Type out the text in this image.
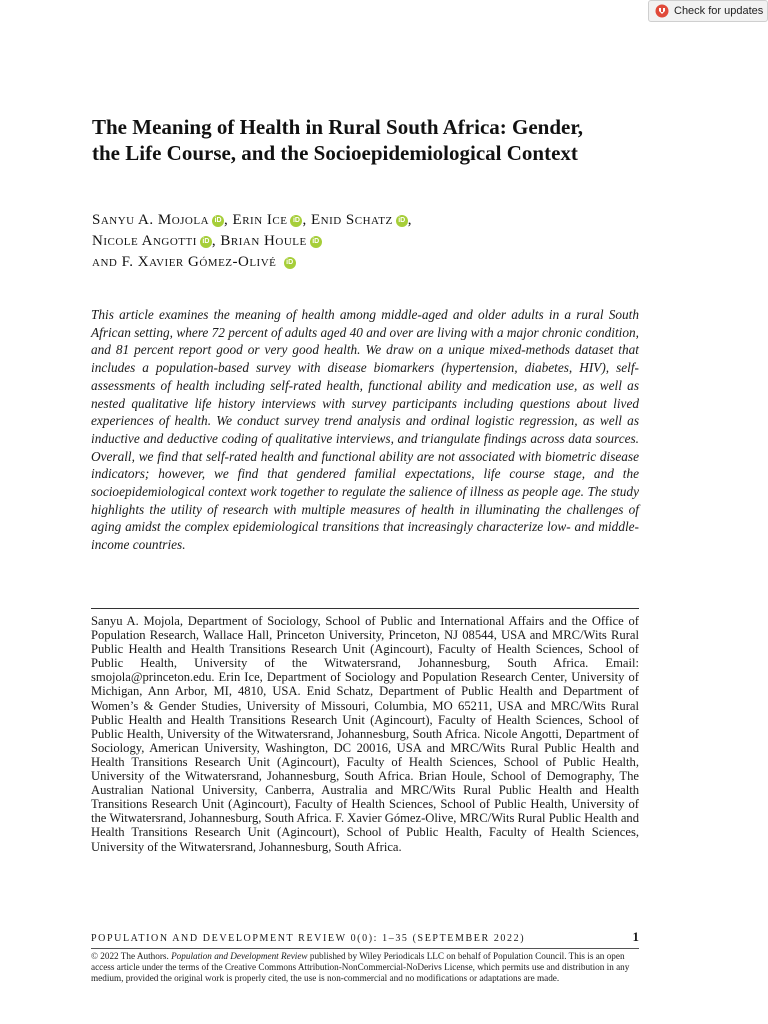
Check for updates
The Meaning of Health in Rural South Africa: Gender, the Life Course, and the Socioepidemiological Context
Sanyu A. Mojola iD , Erin Ice iD , Enid Schatz iD ,
Nicole Angotti iD , Brian Houle iD
and F. Xavier Gómez-Olivé iD

This article examines the meaning of health among middle-aged and older adults in a rural South African setting, where 72 percent of adults aged 40 and over are living with a major chronic condition, and 81 percent report good or very good health. We draw on a unique mixed-methods dataset that includes a population-based survey with disease biomarkers (hypertension, diabetes, HIV), self-assessments of health including self-rated health, functional ability and medication use, as well as nested qualitative life history interviews with survey participants including questions about lived experiences of health. We conduct survey trend analysis and ordinal logistic regression, as well as inductive and deductive coding of qualitative interviews, and triangulate findings across data sources. Overall, we find that self-rated health and functional ability are not associated with biometric disease indicators; however, we find that gendered familial expectations, life course stage, and the socioepidemiological context work together to regulate the salience of illness as people age. The study highlights the utility of research with multiple measures of health in illuminating the challenges of aging amidst the complex epidemiological transitions that increasingly characterize low- and middle-income countries.

Sanyu A. Mojola, Department of Sociology, School of Public and International Affairs and the Office of Population Research, Wallace Hall, Princeton University, Princeton, NJ 08544, USA and MRC/Wits Rural Public Health and Health Transitions Research Unit (Agincourt), Faculty of Health Sciences, School of Public Health, University of the Witwatersrand, Johannesburg, South Africa. Email: smojola@princeton.edu. Erin Ice, Department of Sociology and Population Research Center, University of Michigan, Ann Arbor, MI, 4810, USA. Enid Schatz, Department of Public Health and Department of Women’s & Gender Studies, University of Missouri, Columbia, MO 65211, USA and MRC/Wits Rural Public Health and Health Transitions Research Unit (Agincourt), Faculty of Health Sciences, School of Public Health, University of the Witwatersrand, Johannesburg, South Africa. Nicole Angotti, Department of Sociology, American University, Washington, DC 20016, USA and MRC/Wits Rural Public Health and Health Transitions Research Unit (Agincourt), Faculty of Health Sciences, School of Public Health, University of the Witwatersrand, Johannesburg, South Africa. Brian Houle, School of Demography, The Australian National University, Canberra, Australia and MRC/Wits Rural Public Health and Health Transitions Research Unit (Agincourt), Faculty of Health Sciences, School of Public Health, University of the Witwatersrand, Johannesburg, South Africa. F. Xavier Gómez-Olive, MRC/Wits Rural Public Health and Health Transitions Research Unit (Agincourt), School of Public Health, Faculty of Health Sciences, University of the Witwatersrand, Johannesburg, South Africa.

POPULATION AND DEVELOPMENT REVIEW 0(0): 1–35 (SEPTEMBER 2022)	1

© 2022 The Authors. Population and Development Review published by Wiley Periodicals LLC on behalf of Population Council. This is an open access article under the terms of the Creative Commons Attribution-NonCommercial-NoDerivs License, which permits use and distribution in any medium, provided the original work is properly cited, the use is non-commercial and no modifications or adaptations are made.
